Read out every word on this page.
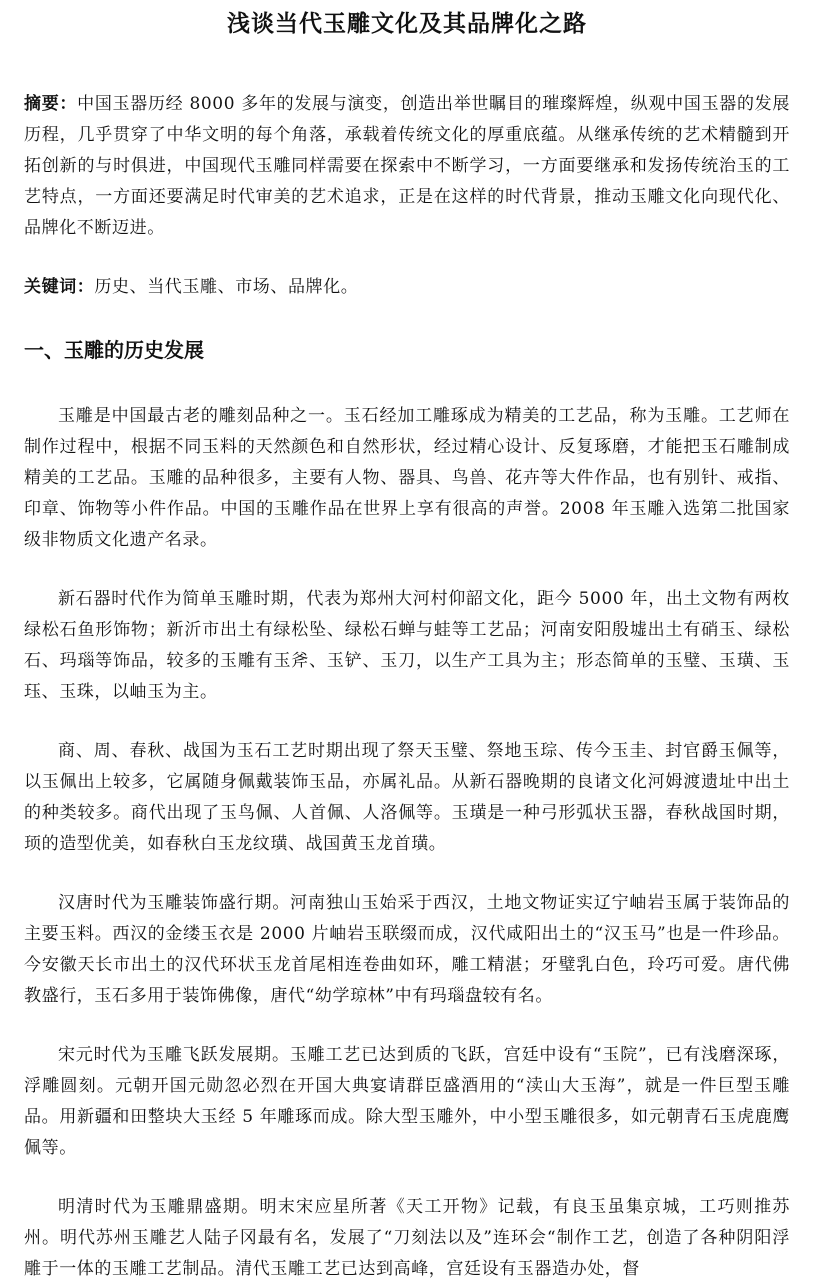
浅谈当代玉雕文化及其品牌化之路

摘要：中国玉器历经 8000 多年的发展与演变，创造出举世瞩目的璀璨辉煌，纵观中国玉器的发展历程，几乎贯穿了中华文明的每个角落，承载着传统文化的厚重底蕴。从继承传统的艺术精髓到开拓创新的与时俱进，中国现代玉雕同样需要在探索中不断学习，一方面要继承和发扬传统治玉的工艺特点，一方面还要满足时代审美的艺术追求，正是在这样的时代背景，推动玉雕文化向现代化、品牌化不断迈进。

关键词：历史、当代玉雕、市场、品牌化。

一、玉雕的历史发展

玉雕是中国最古老的雕刻品种之一。玉石经加工雕琢成为精美的工艺品，称为玉雕。工艺师在制作过程中，根据不同玉料的天然颜色和自然形状，经过精心设计、反复琢磨，才能把玉石雕制成精美的工艺品。玉雕的品种很多，主要有人物、器具、鸟兽、花卉等大件作品，也有别针、戒指、印章、饰物等小件作品。中国的玉雕作品在世界上享有很高的声誉。2008 年玉雕入选第二批国家级非物质文化遗产名录。

新石器时代作为简单玉雕时期，代表为郑州大河村仰韶文化，距今 5000 年，出土文物有两枚绿松石鱼形饰物；新沂市出土有绿松坠、绿松石蝉与蛙等工艺品；河南安阳殷墟出土有硝玉、绿松石、玛瑙等饰品，较多的玉雕有玉斧、玉铲、玉刀，以生产工具为主；形态简单的玉璧、玉璜、玉珏、玉珠，以岫玉为主。

商、周、春秋、战国为玉石工艺时期出现了祭天玉璧、祭地玉琮、传今玉圭、封官爵玉佩等，以玉佩出上较多，它属随身佩戴装饰玉品，亦属礼品。从新石器晚期的良诸文化河姆渡遗址中出土的种类较多。商代出现了玉鸟佩、人首佩、人洛佩等。玉璜是一种弓形弧状玉器，春秋战国时期，顼的造型优美，如春秋白玉龙纹璜、战国黄玉龙首璜。

汉唐时代为玉雕装饰盛行期。河南独山玉始采于西汉，土地文物证实辽宁岫岩玉属于装饰品的主要玉料。西汉的金缕玉衣是 2000 片岫岩玉联缀而成，汉代咸阳出土的“汉玉马”也是一件珍品。今安徽天长市出土的汉代环状玉龙首尾相连卷曲如环，雕工精湛；牙璧乳白色，玲巧可爱。唐代佛教盛行，玉石多用于装饰佛像，唐代“幼学琼林”中有玛瑙盘较有名。

宋元时代为玉雕飞跃发展期。玉雕工艺已达到质的飞跃，宫廷中设有“玉院”，已有浅磨深琢，浮雕圆刻。元朝开国元勋忽必烈在开国大典宴请群臣盛酒用的“渎山大玉海”，就是一件巨型玉雕品。用新疆和田整块大玉经 5 年雕琢而成。除大型玉雕外，中小型玉雕很多，如元朝青石玉虎鹿鹰佩等。

明清时代为玉雕鼎盛期。明末宋应星所著《天工开物》记载，有良玉虽集京城，工巧则推苏州。明代苏州玉雕艺人陆子冈最有名，发展了“刀刻法以及”连环会“制作工艺，创造了各种阴阳浮雕于一体的玉雕工艺制品。清代玉雕工艺已达到高峰，宫廷设有玉器造办处，督
